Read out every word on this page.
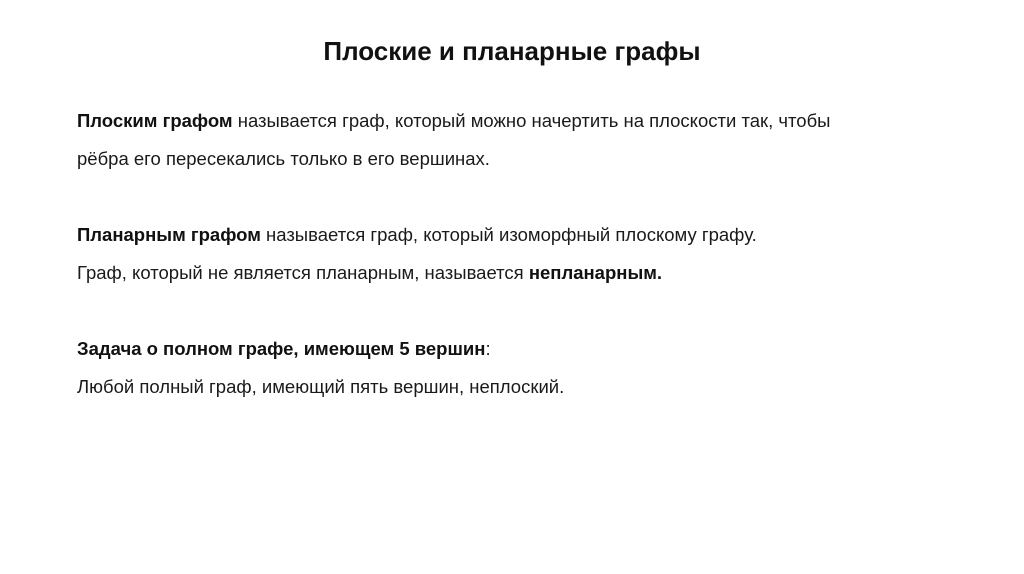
Плоские и планарные графы
Плоским графом называется граф, который можно начертить на плоскости так, чтобы
рёбра его пересекались только в его вершинах.
Планарным графом называется граф, который изоморфный плоскому графу.
Граф, который не является планарным, называется непланарным.
Задача о полном графе, имеющем 5 вершин:
Любой полный граф, имеющий пять вершин, неплоский.
